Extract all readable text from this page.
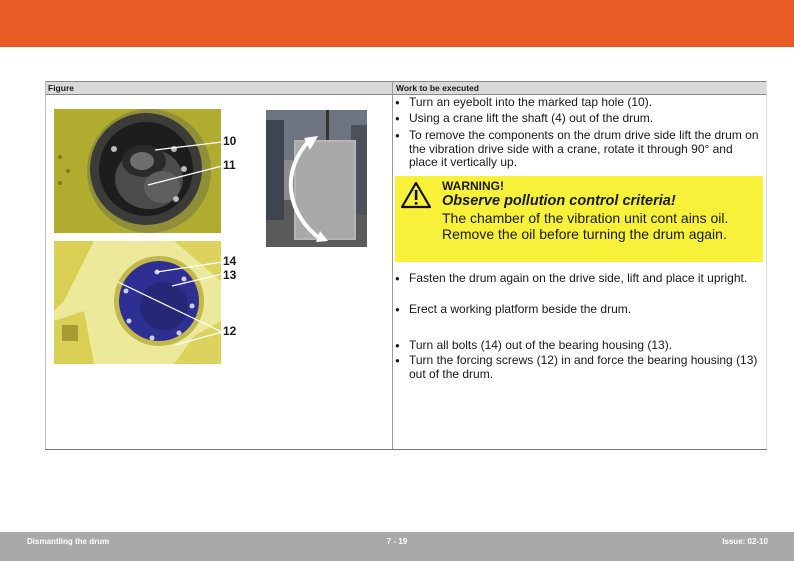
Figure	Work to be executed
10
11
14
13
12
● Turn an eyebolt into the marked tap hole (10).
● Using a crane lift the shaft (4) out of the drum.
● To remove the components on the drum drive side lift the drum on the vibration drive side with a crane, rotate it through 90° and place it vertically up.
● Fasten the drum again on the drive side, lift and place it upright.
● Erect a working platform beside the drum.
● Turn all bolts (14) out of the bearing housing (13).
● Turn the forcing screws (12) in and force the bearing housing (13) out of the drum.
WARNING!
Observe pollution control criteria!
The chamber of the vibration unit cont ains oil. Remove the oil before turning the drum again.
Dismantling the drum	7 - 19	Issue: 02-10
